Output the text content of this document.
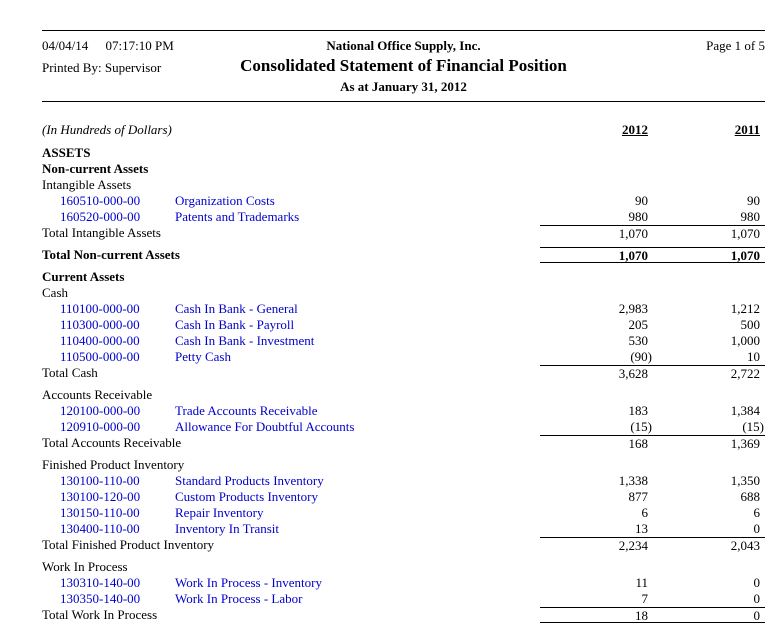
04/04/14 07:17:10 PM
Printed By: Supervisor
National Office Supply, Inc.
Consolidated Statement of Financial Position
As at January 31, 2012
Page 1 of 5
(In Hundreds of Dollars)	2012	2011
ASSETS
Non-current Assets
Intangible Assets
160510-000-00	Organization Costs	90	90
160520-000-00	Patents and Trademarks	980	980
Total Intangible Assets	1,070	1,070
Total Non-current Assets	1,070	1,070
Current Assets
Cash
110100-000-00	Cash In Bank - General	2,983	1,212
110300-000-00	Cash In Bank - Payroll	205	500
110400-000-00	Cash In Bank - Investment	530	1,000
110500-000-00	Petty Cash	(90)	10
Total Cash	3,628	2,722
Accounts Receivable
120100-000-00	Trade Accounts Receivable	183	1,384
120910-000-00	Allowance For Doubtful Accounts	(15)	(15)
Total Accounts Receivable	168	1,369
Finished Product Inventory
130100-110-00	Standard Products Inventory	1,338	1,350
130100-120-00	Custom Products Inventory	877	688
130150-110-00	Repair Inventory	6	6
130400-110-00	Inventory In Transit	13	0
Total Finished Product Inventory	2,234	2,043
Work In Process
130310-140-00	Work In Process - Inventory	11	0
130350-140-00	Work In Process - Labor	7	0
Total Work In Process	18	0
